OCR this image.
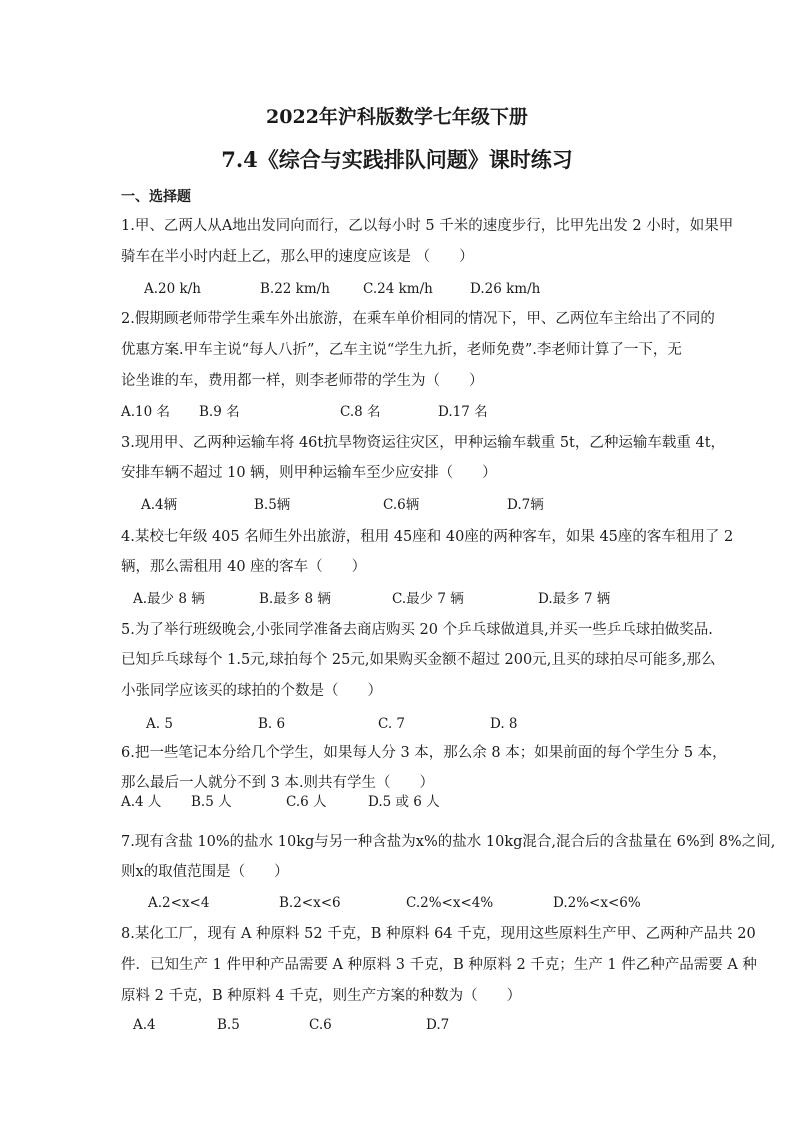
2022年沪科版数学七年级下册
7.4《综合与实践排队问题》课时练习
一、选择题
1.甲、乙两人从A地出发同向而行，乙以每小时 5 千米的速度步行，比甲先出发 2 小时，如果甲
骑车在半小时内赶上乙，那么甲的速度应该是 （　　）
A.20 k/h	B.22 km/h C.24 km/h	D.26 km/h
2.假期顾老师带学生乘车外出旅游，在乘车单价相同的情况下，甲、乙两位车主给出了不同的
优惠方案.甲车主说“每人八折”，乙车主说“学生九折，老师免费”.李老师计算了一下，无
论坐谁的车，费用都一样，则李老师带的学生为（　　）
A.10 名 B.9 名	C.8 名	D.17 名
3.现用甲、乙两种运输车将 46t抗旱物资运往灾区，甲种运输车载重 5t，乙种运输车载重 4t，
安排车辆不超过 10 辆，则甲种运输车至少应安排（　　）
A.4辆	B.5辆	C.6辆	D.7辆
4.某校七年级 405 名师生外出旅游，租用 45座和 40座的两种客车，如果 45座的客车租用了 2
辆，那么需租用 40 座的客车（　　）
A.最少 8 辆	B.最多 8 辆	C.最少 7 辆	D.最多 7 辆
5.为了举行班级晚会,小张同学准备去商店购买 20 个乒乓球做道具,并买一些乒乓球拍做奖品.
已知乒乓球每个 1.5元,球拍每个 25元,如果购买金额不超过 200元,且买的球拍尽可能多,那么
小张同学应该买的球拍的个数是（　　）
A. 5	B. 6	C. 7	D. 8
6.把一些笔记本分给几个学生，如果每人分 3 本，那么余 8 本；如果前面的每个学生分 5 本，
那么最后一人就分不到 3 本.则共有学生（　　）
A.4 人 B.5 人	C.6 人	D.5 或 6 人
7.现有含盐 10%的盐水 10kg与另一种含盐为x%的盐水 10kg混合,混合后的含盐量在 6%到 8%之间,
则x的取值范围是（　　）
A.2<x<4	B.2<x<6	C.2%<x<4%	D.2%<x<6%
8.某化工厂，现有 A 种原料 52 千克，B 种原料 64 千克，现用这些原料生产甲、乙两种产品共 20
件．已知生产 1 件甲种产品需要 A 种原料 3 千克，B 种原料 2 千克；生产 1 件乙种产品需要 A 种
原料 2 千克，B 种原料 4 千克，则生产方案的种数为（　　）
A.4	B.5	C.6	D.7
